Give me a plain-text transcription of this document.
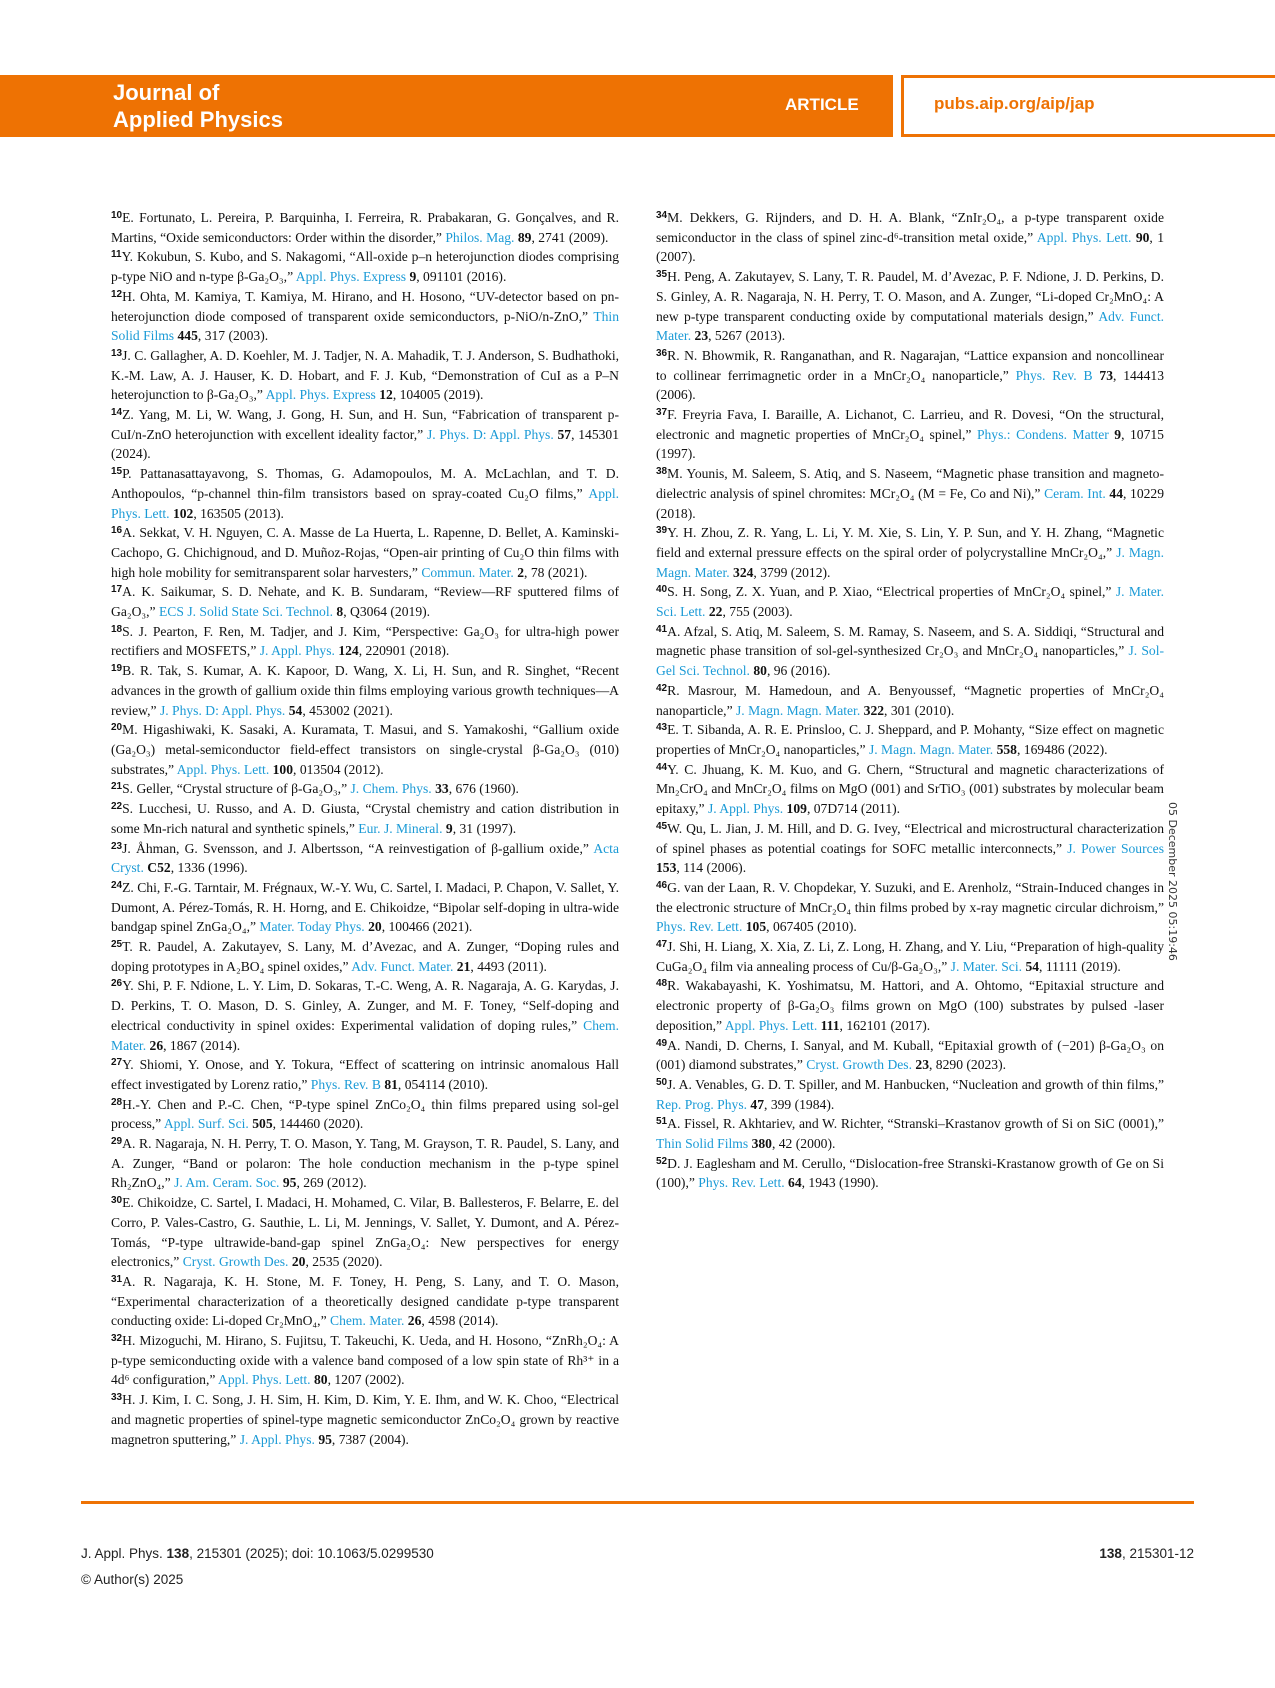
Journal of
Applied Physics
ARTICLE	pubs.aip.org/aip/jap

$^{10}$E. Fortunato, L. Pereira, P. Barquinha, I. Ferreira, R. Prabakaran, G. Gonçalves, and R. Martins, “Oxide semiconductors: Order within the disorder,” Philos. Mag. 89, 2741 (2009).

$^{11}$Y. Kokubun, S. Kubo, and S. Nakagomi, “All-oxide p–n heterojunction diodes comprising p-type NiO and n-type β-Ga₂O₃,” Appl. Phys. Express 9, 091101 (2016).

$^{12}$H. Ohta, M. Kamiya, T. Kamiya, M. Hirano, and H. Hosono, “UV-detector based on pn-heterojunction diode composed of transparent oxide semiconductors, p-NiO/n-ZnO,” Thin Solid Films 445, 317 (2003).

$^{13}$J. C. Gallagher, A. D. Koehler, M. J. Tadjer, N. A. Mahadik, T. J. Anderson, S. Budhathoki, K.-M. Law, A. J. Hauser, K. D. Hobart, and F. J. Kub, “Demonstration of CuI as a P–N heterojunction to β-Ga₂O₃,” Appl. Phys. Express 12, 104005 (2019).

$^{14}$Z. Yang, M. Li, W. Wang, J. Gong, H. Sun, and H. Sun, “Fabrication of transparent p-CuI/n-ZnO heterojunction with excellent ideality factor,” J. Phys. D: Appl. Phys. 57, 145301 (2024).

$^{15}$P. Pattanasattayavong, S. Thomas, G. Adamopoulos, M. A. McLachlan, and T. D. Anthopoulos, “p-channel thin-film transistors based on spray-coated Cu₂O films,” Appl. Phys. Lett. 102, 163505 (2013).

$^{16}$A. Sekkat, V. H. Nguyen, C. A. Masse de La Huerta, L. Rapenne, D. Bellet, A. Kaminski-Cachopo, G. Chichignoud, and D. Muñoz-Rojas, “Open-air printing of Cu₂O thin films with high hole mobility for semitransparent solar harvesters,” Commun. Mater. 2, 78 (2021).

$^{17}$A. K. Saikumar, S. D. Nehate, and K. B. Sundaram, “Review—RF sputtered films of Ga₂O₃,” ECS J. Solid State Sci. Technol. 8, Q3064 (2019).

$^{18}$S. J. Pearton, F. Ren, M. Tadjer, and J. Kim, “Perspective: Ga₂O₃ for ultra-high power rectifiers and MOSFETS,” J. Appl. Phys. 124, 220901 (2018).

$^{19}$B. R. Tak, S. Kumar, A. K. Kapoor, D. Wang, X. Li, H. Sun, and R. Singhet, “Recent advances in the growth of gallium oxide thin films employing various growth techniques—A review,” J. Phys. D: Appl. Phys. 54, 453002 (2021).

$^{20}$M. Higashiwaki, K. Sasaki, A. Kuramata, T. Masui, and S. Yamakoshi, “Gallium oxide (Ga₂O₃) metal-semiconductor field-effect transistors on single-crystal β-Ga₂O₃ (010) substrates,” Appl. Phys. Lett. 100, 013504 (2012).

$^{21}$S. Geller, “Crystal structure of β-Ga₂O₃,” J. Chem. Phys. 33, 676 (1960).

$^{22}$S. Lucchesi, U. Russo, and A. D. Giusta, “Crystal chemistry and cation distribution in some Mn-rich natural and synthetic spinels,” Eur. J. Mineral. 9, 31 (1997).

$^{23}$J. Åhman, G. Svensson, and J. Albertsson, “A reinvestigation of β-gallium oxide,” Acta Cryst. C52, 1336 (1996).

$^{24}$Z. Chi, F.-G. Tarntair, M. Frégnaux, W.-Y. Wu, C. Sartel, I. Madaci, P. Chapon, V. Sallet, Y. Dumont, A. Pérez-Tomás, R. H. Horng, and E. Chikoidze, “Bipolar self-doping in ultra-wide bandgap spinel ZnGa₂O₄,” Mater. Today Phys. 20, 100466 (2021).

$^{25}$T. R. Paudel, A. Zakutayev, S. Lany, M. d’Avezac, and A. Zunger, “Doping rules and doping prototypes in A₂BO₄ spinel oxides,” Adv. Funct. Mater. 21, 4493 (2011).

$^{26}$Y. Shi, P. F. Ndione, L. Y. Lim, D. Sokaras, T.-C. Weng, A. R. Nagaraja, A. G. Karydas, J. D. Perkins, T. O. Mason, D. S. Ginley, A. Zunger, and M. F. Toney, “Self-doping and electrical conductivity in spinel oxides: Experimental validation of doping rules,” Chem. Mater. 26, 1867 (2014).

$^{27}$Y. Shiomi, Y. Onose, and Y. Tokura, “Effect of scattering on intrinsic anomalous Hall effect investigated by Lorenz ratio,” Phys. Rev. B 81, 054114 (2010).

$^{28}$H.-Y. Chen and P.-C. Chen, “P-type spinel ZnCo₂O₄ thin films prepared using sol-gel process,” Appl. Surf. Sci. 505, 144460 (2020).

$^{29}$A. R. Nagaraja, N. H. Perry, T. O. Mason, Y. Tang, M. Grayson, T. R. Paudel, S. Lany, and A. Zunger, “Band or polaron: The hole conduction mechanism in the p-type spinel Rh₂ZnO₄,” J. Am. Ceram. Soc. 95, 269 (2012).

$^{30}$E. Chikoidze, C. Sartel, I. Madaci, H. Mohamed, C. Vilar, B. Ballesteros, F. Belarre, E. del Corro, P. Vales-Castro, G. Sauthie, L. Li, M. Jennings, V. Sallet, Y. Dumont, and A. Pérez-Tomás, “P-type ultrawide-band-gap spinel ZnGa₂O₄: New perspectives for energy electronics,” Cryst. Growth Des. 20, 2535 (2020).

$^{31}$A. R. Nagaraja, K. H. Stone, M. F. Toney, H. Peng, S. Lany, and T. O. Mason, “Experimental characterization of a theoretically designed candidate p-type transparent conducting oxide: Li-doped Cr₂MnO₄,” Chem. Mater. 26, 4598 (2014).

$^{32}$H. Mizoguchi, M. Hirano, S. Fujitsu, T. Takeuchi, K. Ueda, and H. Hosono, “ZnRh₂O₄: A p-type semiconducting oxide with a valence band composed of a low spin state of Rh³⁺ in a 4d⁶ configuration,” Appl. Phys. Lett. 80, 1207 (2002).

$^{33}$H. J. Kim, I. C. Song, J. H. Sim, H. Kim, D. Kim, Y. E. Ihm, and W. K. Choo, “Electrical and magnetic properties of spinel-type magnetic semiconductor ZnCo₂O₄ grown by reactive magnetron sputtering,” J. Appl. Phys. 95, 7387 (2004).

$^{34}$M. Dekkers, G. Rijnders, and D. H. A. Blank, “ZnIr₂O₄, a p-type transparent oxide semiconductor in the class of spinel zinc-d⁶-transition metal oxide,” Appl. Phys. Lett. 90, 1 (2007).

$^{35}$H. Peng, A. Zakutayev, S. Lany, T. R. Paudel, M. d’Avezac, P. F. Ndione, J. D. Perkins, D. S. Ginley, A. R. Nagaraja, N. H. Perry, T. O. Mason, and A. Zunger, “Li-doped Cr₂MnO₄: A new p-type transparent conducting oxide by computational materials design,” Adv. Funct. Mater. 23, 5267 (2013).

$^{36}$R. N. Bhowmik, R. Ranganathan, and R. Nagarajan, “Lattice expansion and noncollinear to collinear ferrimagnetic order in a MnCr₂O₄ nanoparticle,” Phys. Rev. B 73, 144413 (2006).

$^{37}$F. Freyria Fava, I. Baraille, A. Lichanot, C. Larrieu, and R. Dovesi, “On the structural, electronic and magnetic properties of MnCr₂O₄ spinel,” Phys.: Condens. Matter 9, 10715 (1997).

$^{38}$M. Younis, M. Saleem, S. Atiq, and S. Naseem, “Magnetic phase transition and magneto-dielectric analysis of spinel chromites: MCr₂O₄ (M = Fe, Co and Ni),” Ceram. Int. 44, 10229 (2018).

$^{39}$Y. H. Zhou, Z. R. Yang, L. Li, Y. M. Xie, S. Lin, Y. P. Sun, and Y. H. Zhang, “Magnetic field and external pressure effects on the spiral order of polycrystalline MnCr₂O₄,” J. Magn. Magn. Mater. 324, 3799 (2012).

$^{40}$S. H. Song, Z. X. Yuan, and P. Xiao, “Electrical properties of MnCr₂O₄ spinel,” J. Mater. Sci. Lett. 22, 755 (2003).

$^{41}$A. Afzal, S. Atiq, M. Saleem, S. M. Ramay, S. Naseem, and S. A. Siddiqi, “Structural and magnetic phase transition of sol-gel-synthesized Cr₂O₃ and MnCr₂O₄ nanoparticles,” J. Sol-Gel Sci. Technol. 80, 96 (2016).

$^{42}$R. Masrour, M. Hamedoun, and A. Benyoussef, “Magnetic properties of MnCr₂O₄ nanoparticle,” J. Magn. Magn. Mater. 322, 301 (2010).

$^{43}$E. T. Sibanda, A. R. E. Prinsloo, C. J. Sheppard, and P. Mohanty, “Size effect on magnetic properties of MnCr₂O₄ nanoparticles,” J. Magn. Magn. Mater. 558, 169486 (2022).

$^{44}$Y. C. Jhuang, K. M. Kuo, and G. Chern, “Structural and magnetic characterizations of Mn₂CrO₄ and MnCr₂O₄ films on MgO (001) and SrTiO₃ (001) substrates by molecular beam epitaxy,” J. Appl. Phys. 109, 07D714 (2011).

$^{45}$W. Qu, L. Jian, J. M. Hill, and D. G. Ivey, “Electrical and microstructural characterization of spinel phases as potential coatings for SOFC metallic interconnects,” J. Power Sources 153, 114 (2006).

$^{46}$G. van der Laan, R. V. Chopdekar, Y. Suzuki, and E. Arenholz, “Strain-Induced changes in the electronic structure of MnCr₂O₄ thin films probed by x-ray magnetic circular dichroism,” Phys. Rev. Lett. 105, 067405 (2010).

$^{47}$J. Shi, H. Liang, X. Xia, Z. Li, Z. Long, H. Zhang, and Y. Liu, “Preparation of high-quality CuGa₂O₄ film via annealing process of Cu/β-Ga₂O₃,” J. Mater. Sci. 54, 11111 (2019).

$^{48}$R. Wakabayashi, K. Yoshimatsu, M. Hattori, and A. Ohtomo, “Epitaxial structure and electronic property of β-Ga₂O₃ films grown on MgO (100) substrates by pulsed -laser deposition,” Appl. Phys. Lett. 111, 162101 (2017).

$^{49}$A. Nandi, D. Cherns, I. Sanyal, and M. Kuball, “Epitaxial growth of (−201) β-Ga₂O₃ on (001) diamond substrates,” Cryst. Growth Des. 23, 8290 (2023).

$^{50}$J. A. Venables, G. D. T. Spiller, and M. Hanbucken, “Nucleation and growth of thin films,” Rep. Prog. Phys. 47, 399 (1984).

$^{51}$A. Fissel, R. Akhtariev, and W. Richter, “Stranski–Krastanov growth of Si on SiC (0001),” Thin Solid Films 380, 42 (2000).

$^{52}$D. J. Eaglesham and M. Cerullo, “Dislocation-free Stranski-Krastanow growth of Ge on Si (100),” Phys. Rev. Lett. 64, 1943 (1990).

05 December 2025 05:19:46
J. Appl. Phys. 138, 215301 (2025); doi: 10.1063/5.0299530
© Author(s) 2025
138, 215301-12
